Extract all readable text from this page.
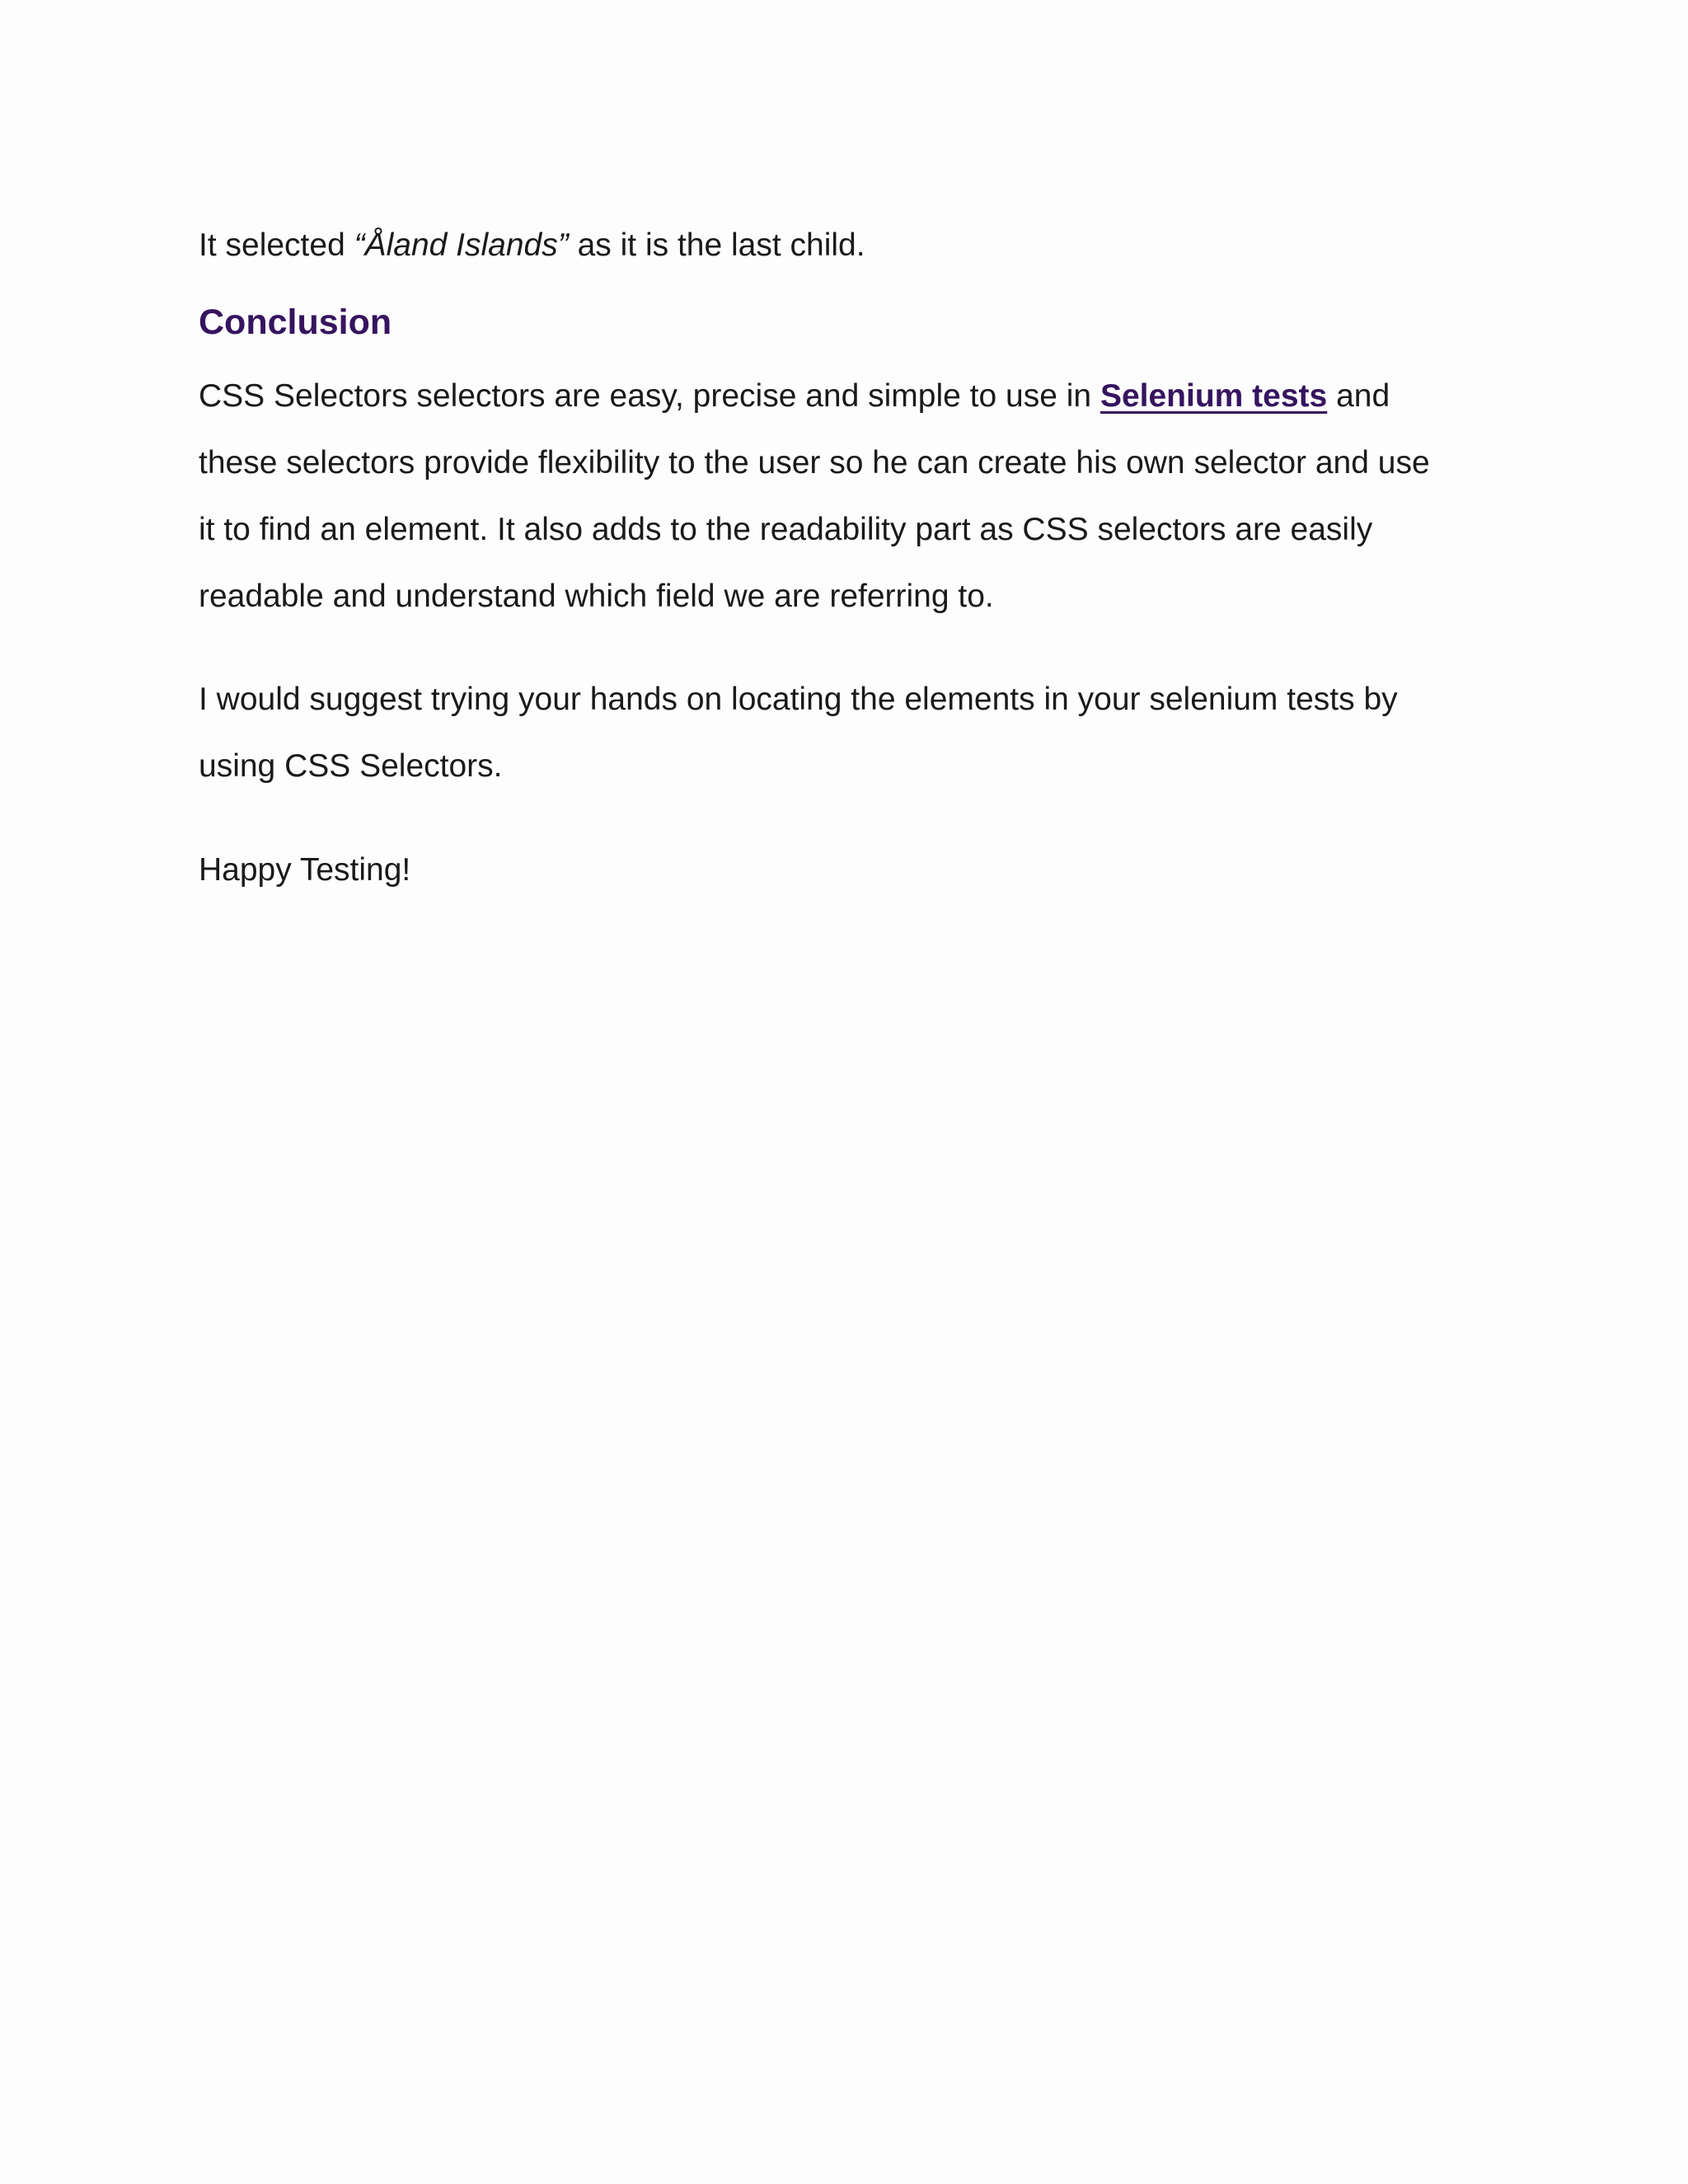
It selected “Åland Islands” as it is the last child.

Conclusion

CSS Selectors selectors are easy, precise and simple to use in Selenium tests and
these selectors provide flexibility to the user so he can create his own selector and use
it to find an element. It also adds to the readability part as CSS selectors are easily
readable and understand which field we are referring to.

I would suggest trying your hands on locating the elements in your selenium tests by
using CSS Selectors.

Happy Testing!
